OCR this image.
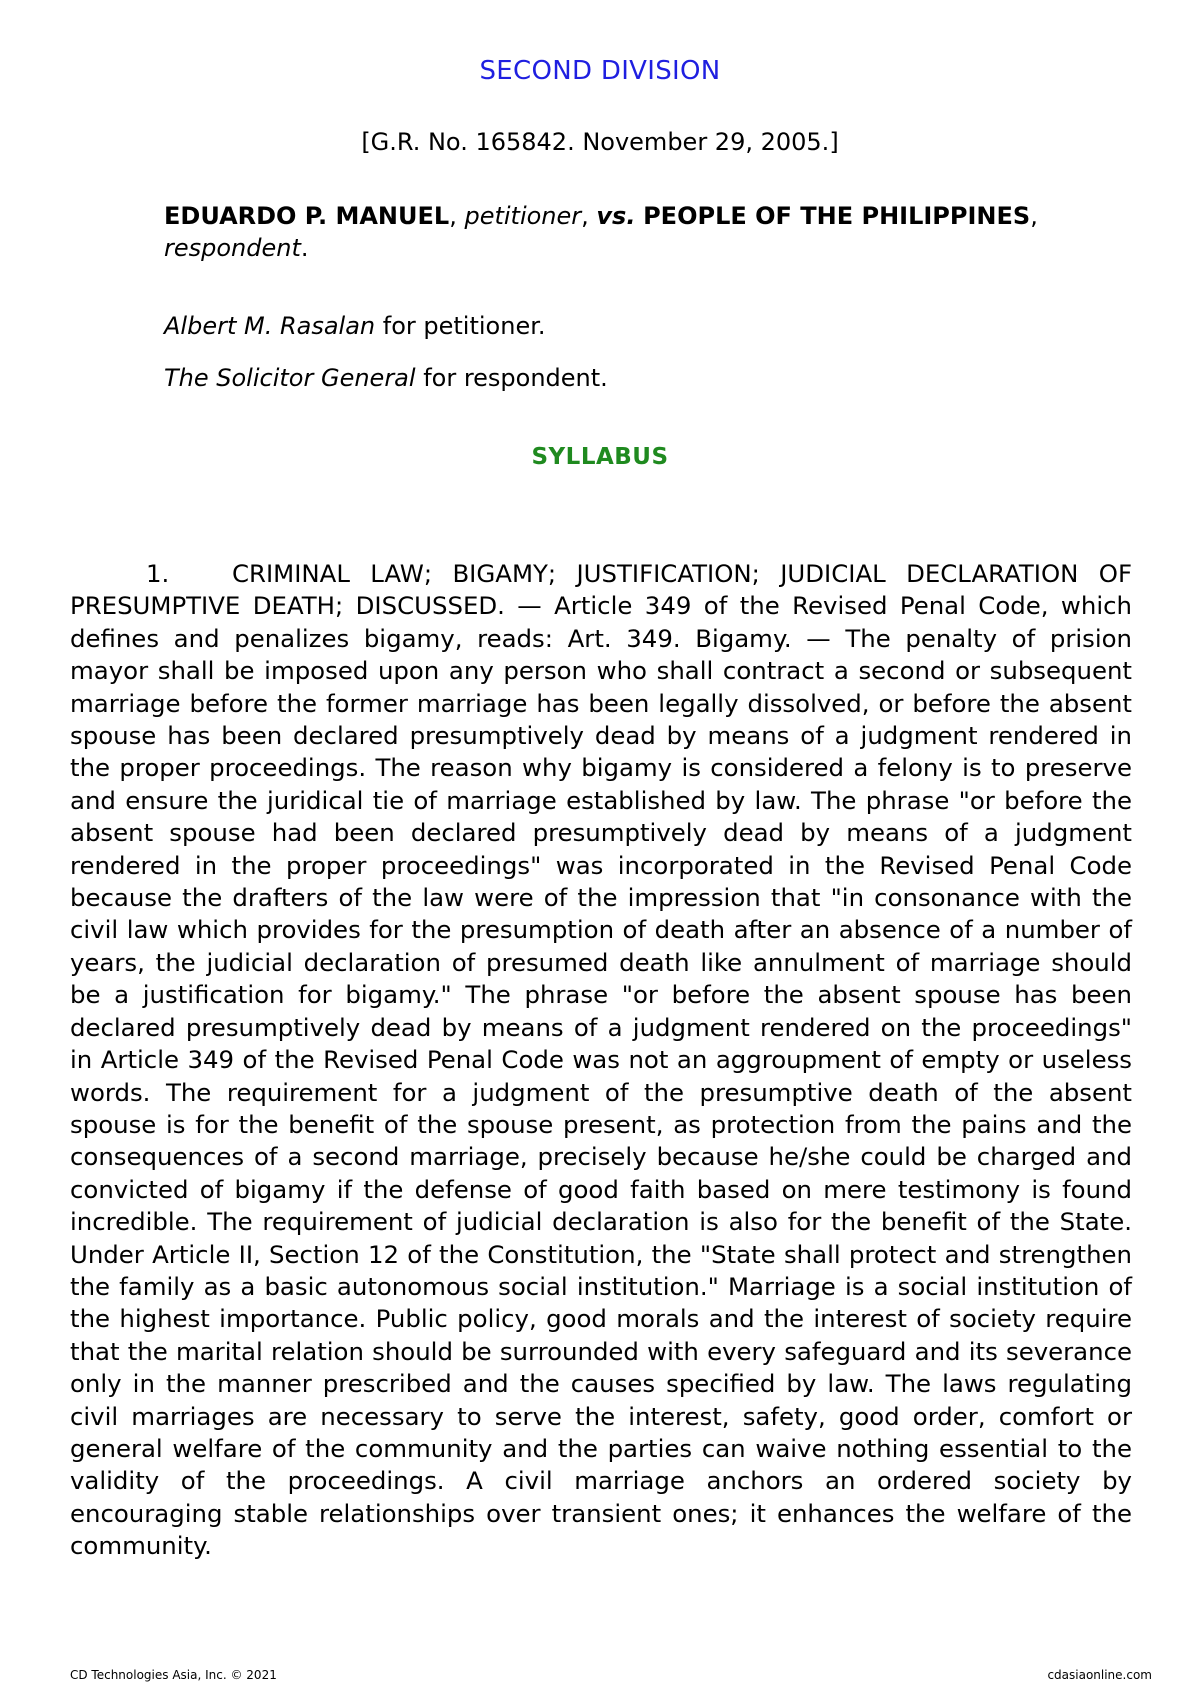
SECOND DIVISION
[G.R. No. 165842. November 29, 2005.]
EDUARDO P. MANUEL, petitioner, vs. PEOPLE OF THE PHILIPPINES, respondent.
Albert M. Rasalan for petitioner.
The Solicitor General for respondent.
SYLLABUS
1.	CRIMINAL LAW; BIGAMY; JUSTIFICATION; JUDICIAL DECLARATION OF PRESUMPTIVE DEATH; DISCUSSED. — Article 349 of the Revised Penal Code, which defines and penalizes bigamy, reads: Art. 349. Bigamy. — The penalty of prision mayor shall be imposed upon any person who shall contract a second or subsequent marriage before the former marriage has been legally dissolved, or before the absent spouse has been declared presumptively dead by means of a judgment rendered in the proper proceedings. The reason why bigamy is considered a felony is to preserve and ensure the juridical tie of marriage established by law. The phrase "or before the absent spouse had been declared presumptively dead by means of a judgment rendered in the proper proceedings" was incorporated in the Revised Penal Code because the drafters of the law were of the impression that "in consonance with the civil law which provides for the presumption of death after an absence of a number of years, the judicial declaration of presumed death like annulment of marriage should be a justification for bigamy." The phrase "or before the absent spouse has been declared presumptively dead by means of a judgment rendered on the proceedings" in Article 349 of the Revised Penal Code was not an aggroupment of empty or useless words. The requirement for a judgment of the presumptive death of the absent spouse is for the benefit of the spouse present, as protection from the pains and the consequences of a second marriage, precisely because he/she could be charged and convicted of bigamy if the defense of good faith based on mere testimony is found incredible. The requirement of judicial declaration is also for the benefit of the State. Under Article II, Section 12 of the Constitution, the "State shall protect and strengthen the family as a basic autonomous social institution." Marriage is a social institution of the highest importance. Public policy, good morals and the interest of society require that the marital relation should be surrounded with every safeguard and its severance only in the manner prescribed and the causes specified by law. The laws regulating civil marriages are necessary to serve the interest, safety, good order, comfort or general welfare of the community and the parties can waive nothing essential to the validity of the proceedings. A civil marriage anchors an ordered society by encouraging stable relationships over transient ones; it enhances the welfare of the community.
CD Technologies Asia, Inc. © 2021	cdasiaonline.com
